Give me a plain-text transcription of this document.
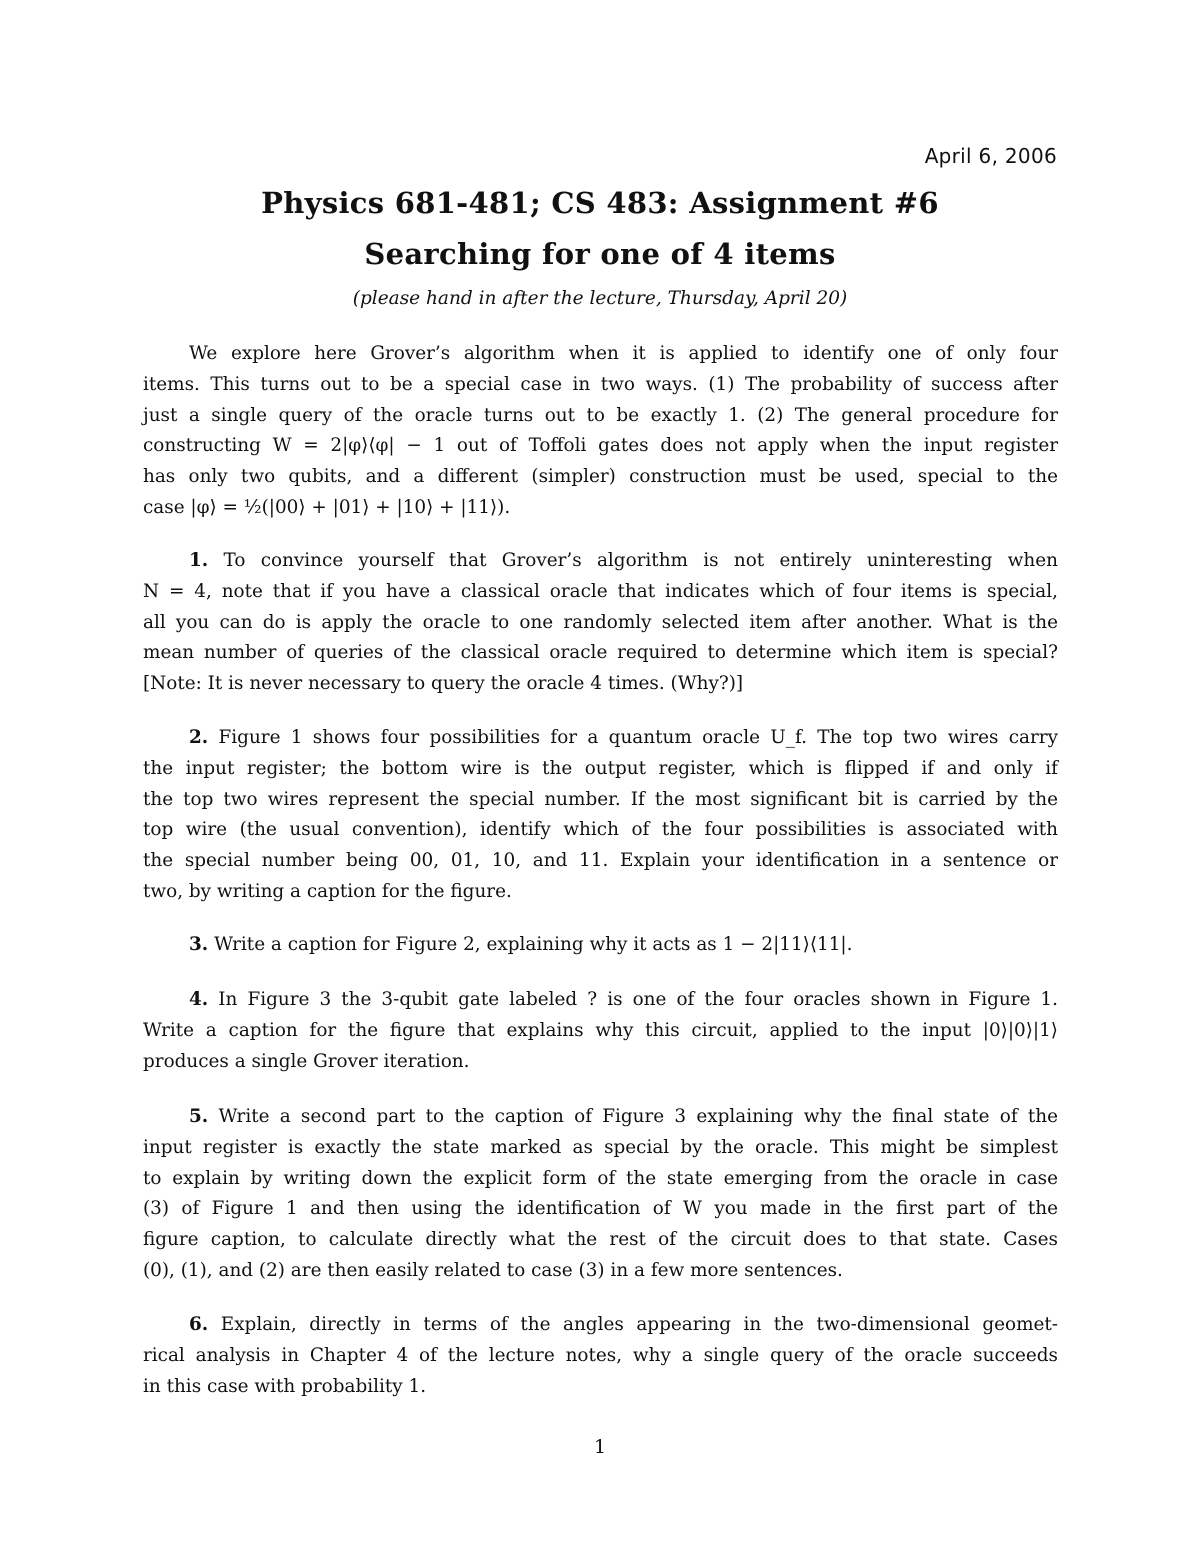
April 6, 2006
Physics 681-481; CS 483: Assignment #6
Searching for one of 4 items
(please hand in after the lecture, Thursday, April 20)
We explore here Grover’s algorithm when it is applied to identify one of only four
items. This turns out to be a special case in two ways. (1) The probability of success after
just a single query of the oracle turns out to be exactly 1. (2) The general procedure for
constructing W = 2|φ⟩⟨φ| − 1 out of Toffoli gates does not apply when the input register
has only two qubits, and a different (simpler) construction must be used, special to the
case |φ⟩ = ½(|00⟩ + |01⟩ + |10⟩ + |11⟩).
1. To convince yourself that Grover’s algorithm is not entirely uninteresting when
N = 4, note that if you have a classical oracle that indicates which of four items is special,
all you can do is apply the oracle to one randomly selected item after another. What is the
mean number of queries of the classical oracle required to determine which item is special?
[Note: It is never necessary to query the oracle 4 times. (Why?)]
2. Figure 1 shows four possibilities for a quantum oracle U_f. The top two wires carry
the input register; the bottom wire is the output register, which is flipped if and only if
the top two wires represent the special number. If the most significant bit is carried by the
top wire (the usual convention), identify which of the four possibilities is associated with
the special number being 00, 01, 10, and 11. Explain your identification in a sentence or
two, by writing a caption for the figure.
3. Write a caption for Figure 2, explaining why it acts as 1 − 2|11⟩⟨11|.
4. In Figure 3 the 3-qubit gate labeled ? is one of the four oracles shown in Figure 1.
Write a caption for the figure that explains why this circuit, applied to the input |0⟩|0⟩|1⟩
produces a single Grover iteration.
5. Write a second part to the caption of Figure 3 explaining why the final state of the
input register is exactly the state marked as special by the oracle. This might be simplest
to explain by writing down the explicit form of the state emerging from the oracle in case
(3) of Figure 1 and then using the identification of W you made in the first part of the
figure caption, to calculate directly what the rest of the circuit does to that state. Cases
(0), (1), and (2) are then easily related to case (3) in a few more sentences.
6. Explain, directly in terms of the angles appearing in the two-dimensional geomet-
rical analysis in Chapter 4 of the lecture notes, why a single query of the oracle succeeds
in this case with probability 1.
1
